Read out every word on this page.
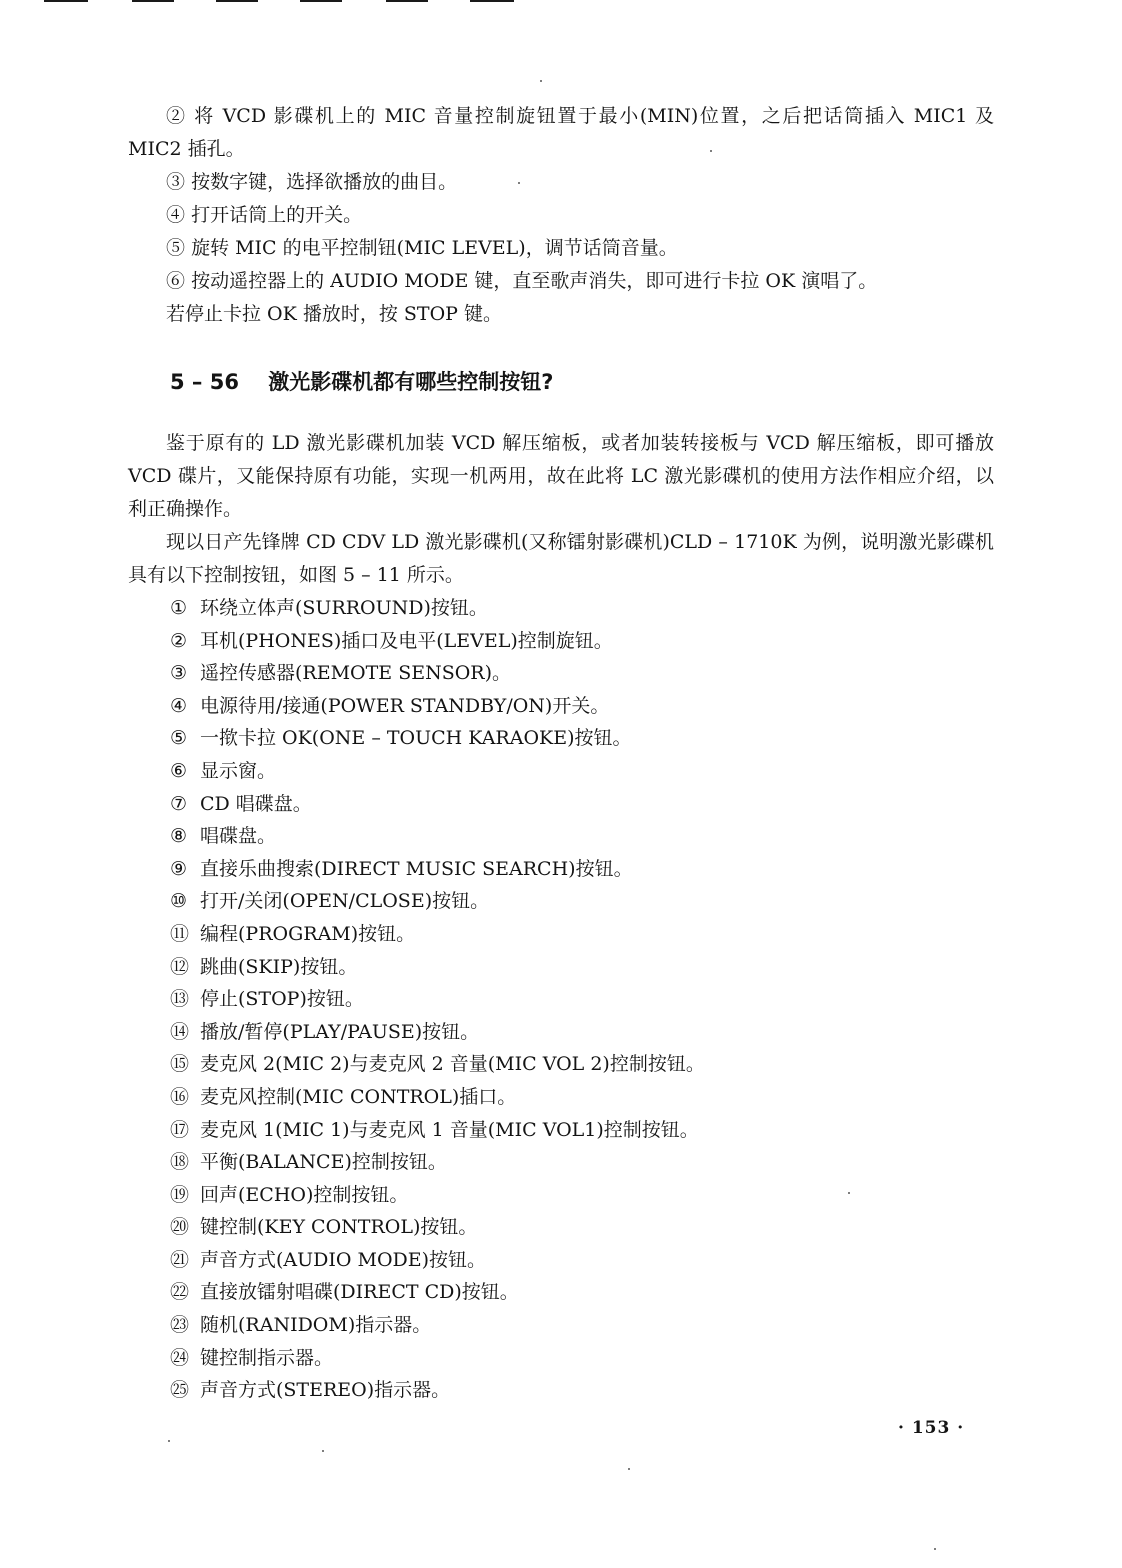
② 将 VCD 影碟机上的 MIC 音量控制旋钮置于最小(MIN)位置，之后把话筒插入 MIC1 及 MIC2 插孔。

③ 按数字键，选择欲播放的曲目。

④ 打开话筒上的开关。

⑤ 旋转 MIC 的电平控制钮(MIC LEVEL)，调节话筒音量。

⑥ 按动遥控器上的 AUDIO MODE 键，直至歌声消失，即可进行卡拉 OK 演唱了。

若停止卡拉 OK 播放时，按 STOP 键。

5 – 56 激光影碟机都有哪些控制按钮?

鉴于原有的 LD 激光影碟机加装 VCD 解压缩板，或者加装转接板与 VCD 解压缩板，即可播放 VCD 碟片，又能保持原有功能，实现一机两用，故在此将 LC 激光影碟机的使用方法作相应介绍，以利正确操作。

现以日产先锋牌 CD CDV LD 激光影碟机(又称镭射影碟机)CLD – 1710K 为例，说明激光影碟机具有以下控制按钮，如图 5 – 11 所示。

① 环绕立体声(SURROUND)按钮。

② 耳机(PHONES)插口及电平(LEVEL)控制旋钮。

③ 遥控传感器(REMOTE SENSOR)。

④ 电源待用/接通(POWER STANDBY/ON)开关。

⑤ 一揿卡拉 OK(ONE – TOUCH KARAOKE)按钮。

⑥ 显示窗。

⑦ CD 唱碟盘。

⑧ 唱碟盘。

⑨ 直接乐曲搜索(DIRECT MUSIC SEARCH)按钮。

⑩ 打开/关闭(OPEN/CLOSE)按钮。

⑪ 编程(PROGRAM)按钮。

⑫ 跳曲(SKIP)按钮。

⑬ 停止(STOP)按钮。

⑭ 播放/暂停(PLAY/PAUSE)按钮。

⑮ 麦克风 2(MIC 2)与麦克风 2 音量(MIC VOL 2)控制按钮。

⑯ 麦克风控制(MIC CONTROL)插口。

⑰ 麦克风 1(MIC 1)与麦克风 1 音量(MIC VOL1)控制按钮。

⑱ 平衡(BALANCE)控制按钮。

⑲ 回声(ECHO)控制按钮。

⑳ 键控制(KEY CONTROL)按钮。

㉑ 声音方式(AUDIO MODE)按钮。

㉒ 直接放镭射唱碟(DIRECT CD)按钮。

㉓ 随机(RANIDOM)指示器。

㉔ 键控制指示器。

㉕ 声音方式(STEREO)指示器。

· 153 ·
